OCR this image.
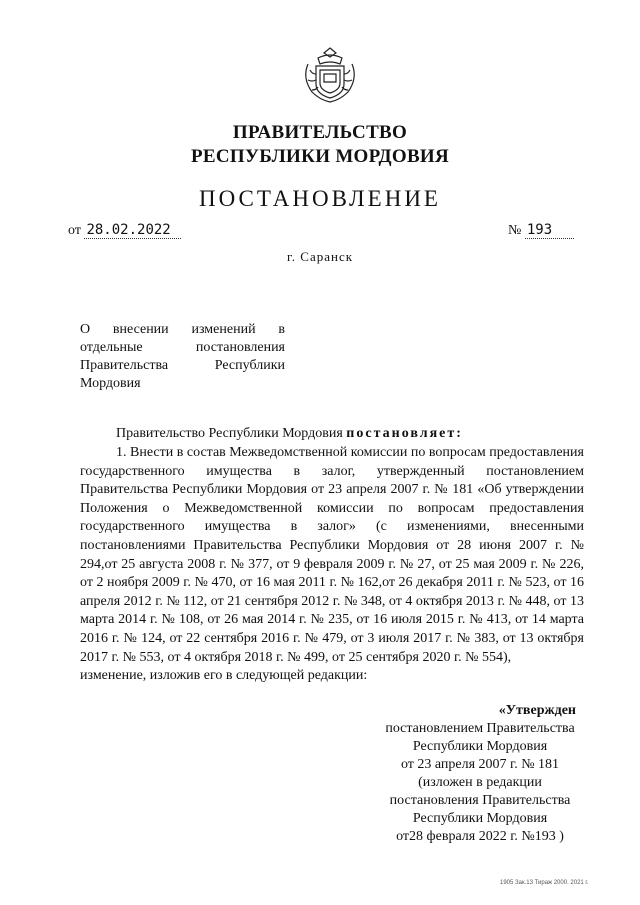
ПРАВИТЕЛЬСТВО
РЕСПУБЛИКИ МОРДОВИЯ
ПОСТАНОВЛЕНИЕ
от 28.02.2022	№ 193
г. Саранск
О внесении изменений в
отдельные постановления
Правительства Республики
Мордовия
Правительство Республики Мордовия постановляет:

1. Внести в состав Межведомственной комиссии по вопросам предоставления государственного имущества в залог, утвержденный постановлением Правительства Республики Мордовия от 23 апреля 2007 г. № 181 «Об утверждении Положения о Межведомственной комиссии по вопросам предоставления государственного имущества в залог» (с изменениями, внесенными постановлениями Правительства Республики Мордовия от 28 июня 2007 г. № 294,от 25 августа 2008 г. № 377, от 9 февраля 2009 г. № 27, от 25 мая 2009 г. № 226, от 2 ноября 2009 г. № 470, от 16 мая 2011 г. № 162,от 26 декабря 2011 г. № 523, от 16 апреля 2012 г. № 112, от 21 сентября 2012 г. № 348, от 4 октября 2013 г. № 448, от 13 марта 2014 г. № 108, от 26 мая 2014 г. № 235, от 16 июля 2015 г. № 413, от 14 марта 2016 г. № 124, от 22 сентября 2016 г. № 479, от 3 июля 2017 г. № 383, от 13 октября 2017 г. № 553, от 4 октября 2018 г. № 499, от 25 сентября 2020 г. № 554),

изменение, изложив его в следующей редакции:

«Утвержден
постановлением Правительства
Республики Мордовия
от 23 апреля 2007 г. № 181
(изложен в редакции
постановления Правительства
Республики Мордовия
от28 февраля 2022 г. №193 )
1905 Зак.13 Тираж 2000. 2021 г.
